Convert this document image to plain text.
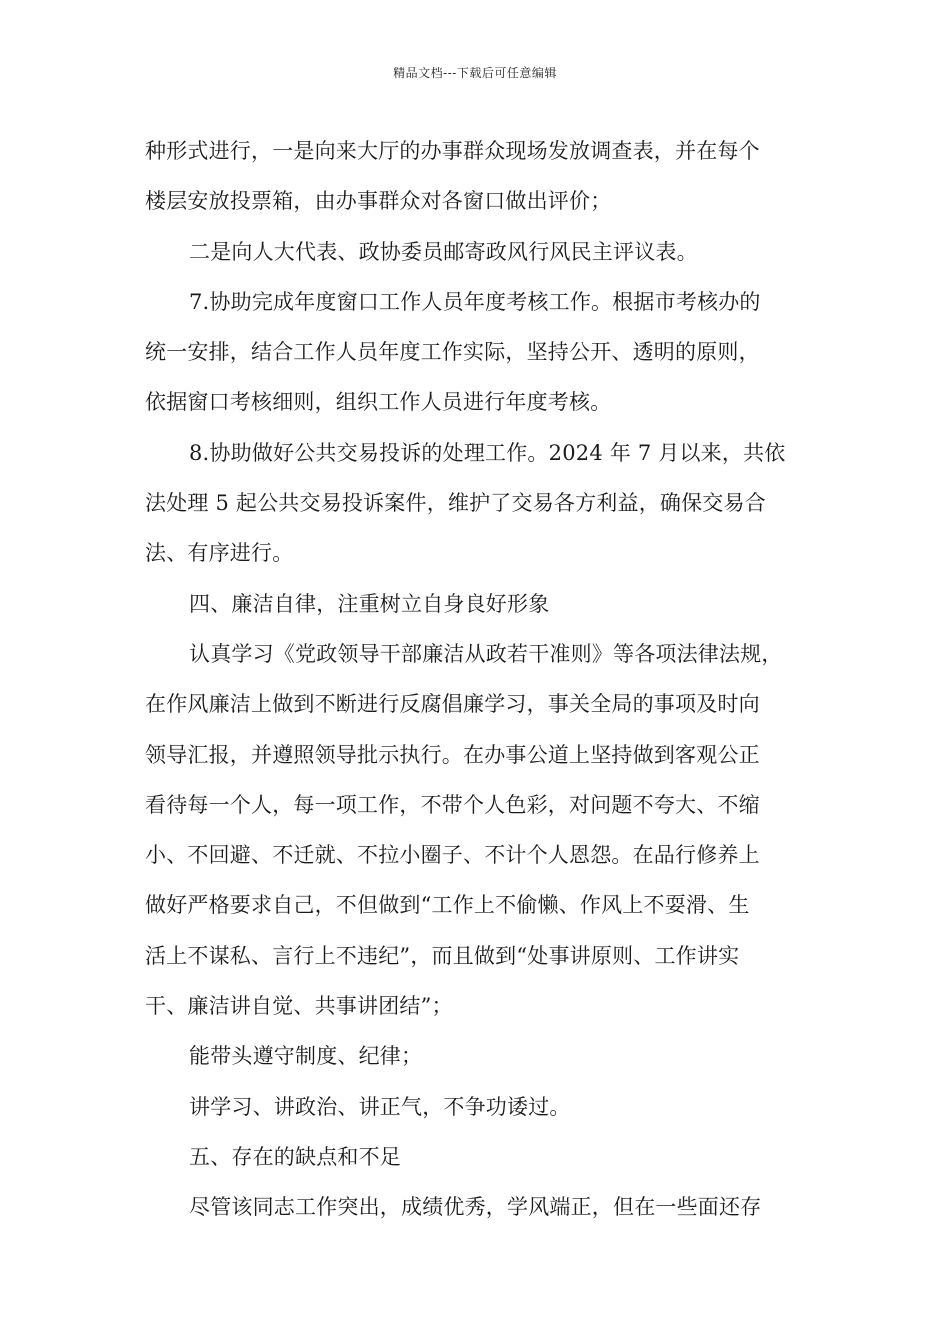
精品文档---下载后可任意编辑

种形式进行，一是向来大厅的办事群众现场发放调查表，并在每个

楼层安放投票箱，由办事群众对各窗口做出评价；

二是向人大代表、政协委员邮寄政风行风民主评议表。

7.协助完成年度窗口工作人员年度考核工作。根据市考核办的

统一安排，结合工作人员年度工作实际，坚持公开、透明的原则，

依据窗口考核细则，组织工作人员进行年度考核。

8.协助做好公共交易投诉的处理工作。2024 年 7 月以来，共依

法处理 5 起公共交易投诉案件，维护了交易各方利益，确保交易合

法、有序进行。

四、廉洁自律，注重树立自身良好形象

认真学习《党政领导干部廉洁从政若干准则》等各项法律法规，

在作风廉洁上做到不断进行反腐倡廉学习，事关全局的事项及时向

领导汇报，并遵照领导批示执行。在办事公道上坚持做到客观公正

看待每一个人，每一项工作，不带个人色彩，对问题不夸大、不缩

小、不回避、不迁就、不拉小圈子、不计个人恩怨。在品行修养上

做好严格要求自己，不但做到“工作上不偷懒、作风上不耍滑、生

活上不谋私、言行上不违纪”，而且做到“处事讲原则、工作讲实

干、廉洁讲自觉、共事讲团结”；

能带头遵守制度、纪律；

讲学习、讲政治、讲正气，不争功诿过。

五、存在的缺点和不足

尽管该同志工作突出，成绩优秀，学风端正，但在一些面还存
